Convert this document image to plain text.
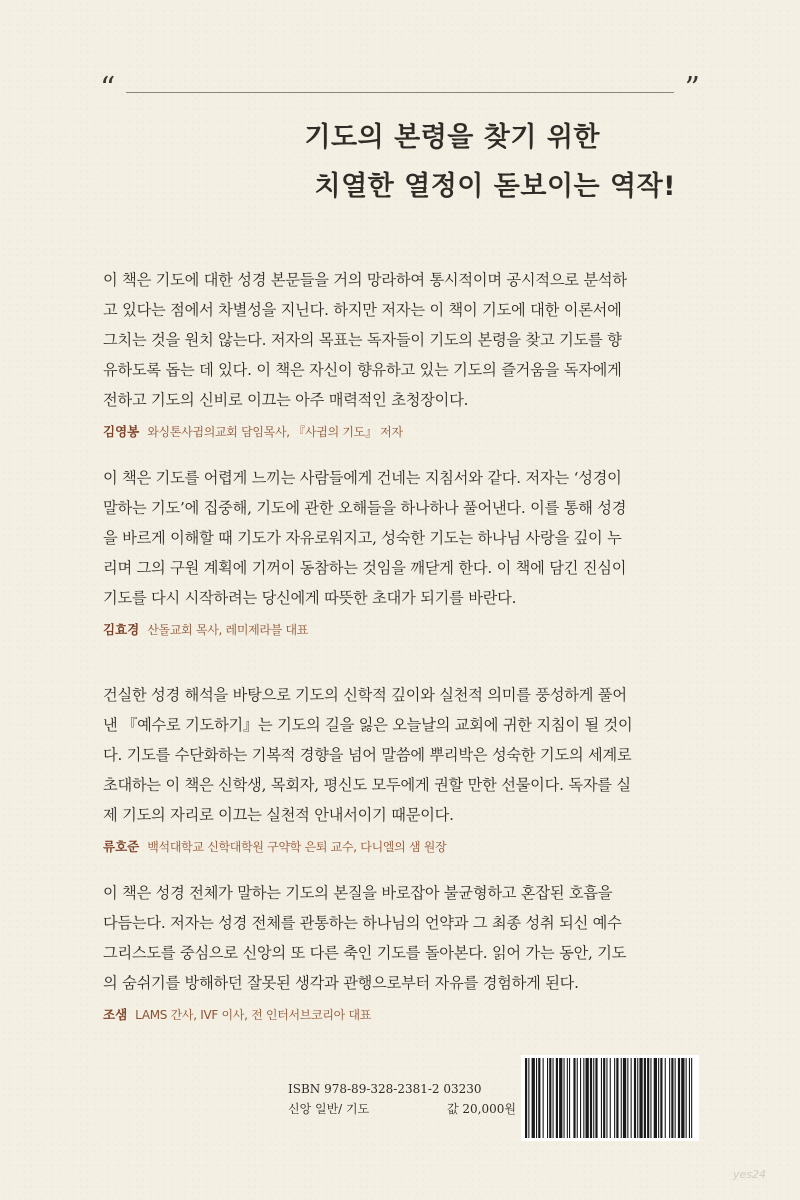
“	”
기도의 본령을 찾기 위한
치열한 열정이 돋보이는 역작!

이 책은 기도에 대한 성경 본문들을 거의 망라하여 통시적이며 공시적으로 분석하
고 있다는 점에서 차별성을 지닌다. 하지만 저자는 이 책이 기도에 대한 이론서에
그치는 것을 원치 않는다. 저자의 목표는 독자들이 기도의 본령을 찾고 기도를 향
유하도록 돕는 데 있다. 이 책은 자신이 향유하고 있는 기도의 즐거움을 독자에게
전하고 기도의 신비로 이끄는 아주 매력적인 초청장이다.

김영봉 와싱톤사귐의교회 담임목사, 『사귐의 기도』 저자

이 책은 기도를 어렵게 느끼는 사람들에게 건네는 지침서와 같다. 저자는 ‘성경이
말하는 기도’에 집중해, 기도에 관한 오해들을 하나하나 풀어낸다. 이를 통해 성경
을 바르게 이해할 때 기도가 자유로워지고, 성숙한 기도는 하나님 사랑을 깊이 누
리며 그의 구원 계획에 기꺼이 동참하는 것임을 깨닫게 한다. 이 책에 담긴 진심이
기도를 다시 시작하려는 당신에게 따뜻한 초대가 되기를 바란다.

김효경 산돌교회 목사, 레미제라블 대표

건실한 성경 해석을 바탕으로 기도의 신학적 깊이와 실천적 의미를 풍성하게 풀어
낸 『예수로 기도하기』는 기도의 길을 잃은 오늘날의 교회에 귀한 지침이 될 것이
다. 기도를 수단화하는 기복적 경향을 넘어 말씀에 뿌리박은 성숙한 기도의 세계로
초대하는 이 책은 신학생, 목회자, 평신도 모두에게 권할 만한 선물이다. 독자를 실
제 기도의 자리로 이끄는 실천적 안내서이기 때문이다.

류호준 백석대학교 신학대학원 구약학 은퇴 교수, 다니엘의 샘 원장

이 책은 성경 전체가 말하는 기도의 본질을 바로잡아 불균형하고 혼잡된 호흡을
다듬는다. 저자는 성경 전체를 관통하는 하나님의 언약과 그 최종 성취 되신 예수
그리스도를 중심으로 신앙의 또 다른 축인 기도를 돌아본다. 읽어 가는 동안, 기도
의 숨쉬기를 방해하던 잘못된 생각과 관행으로부터 자유를 경험하게 된다.

조샘 LAMS 간사, IVF 이사, 전 인터서브코리아 대표
ISBN 978-89-328-2381-2 03230
신앙 일반/ 기도	값 20,000원
yes24
